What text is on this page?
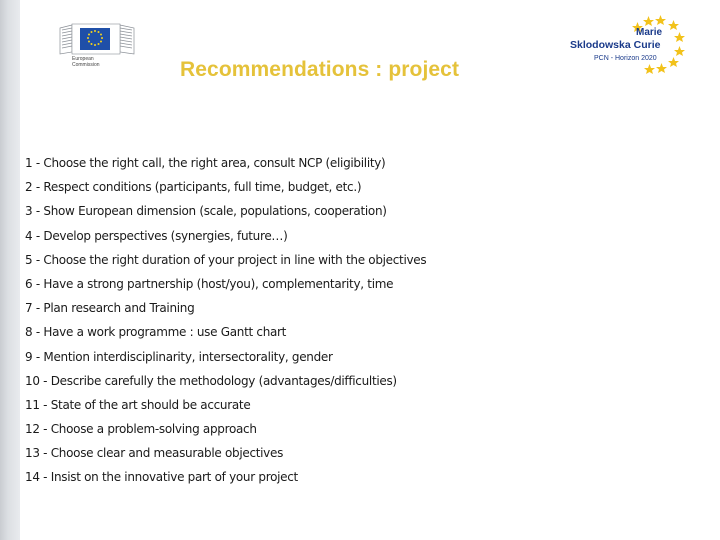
European
Commission	Recommendations : project
Marie
Sklodowska Curie
PCN - Horizon 2020
1 - Choose the right call, the right area, consult NCP (eligibility)
2 - Respect conditions (participants, full time, budget, etc.)
3 - Show European dimension (scale, populations, cooperation)
4 - Develop perspectives (synergies, future…)
5 - Choose the right duration of your project in line with the objectives
6 - Have a strong partnership (host/you), complementarity, time
7 - Plan research and Training
8 - Have a work programme : use Gantt chart
9 - Mention interdisciplinarity, intersectorality, gender
10 - Describe carefully the methodology (advantages/difficulties)
11 - State of the art should be accurate
12 - Choose a problem-solving approach
13 - Choose clear and measurable objectives
14 - Insist on the innovative part of your project
